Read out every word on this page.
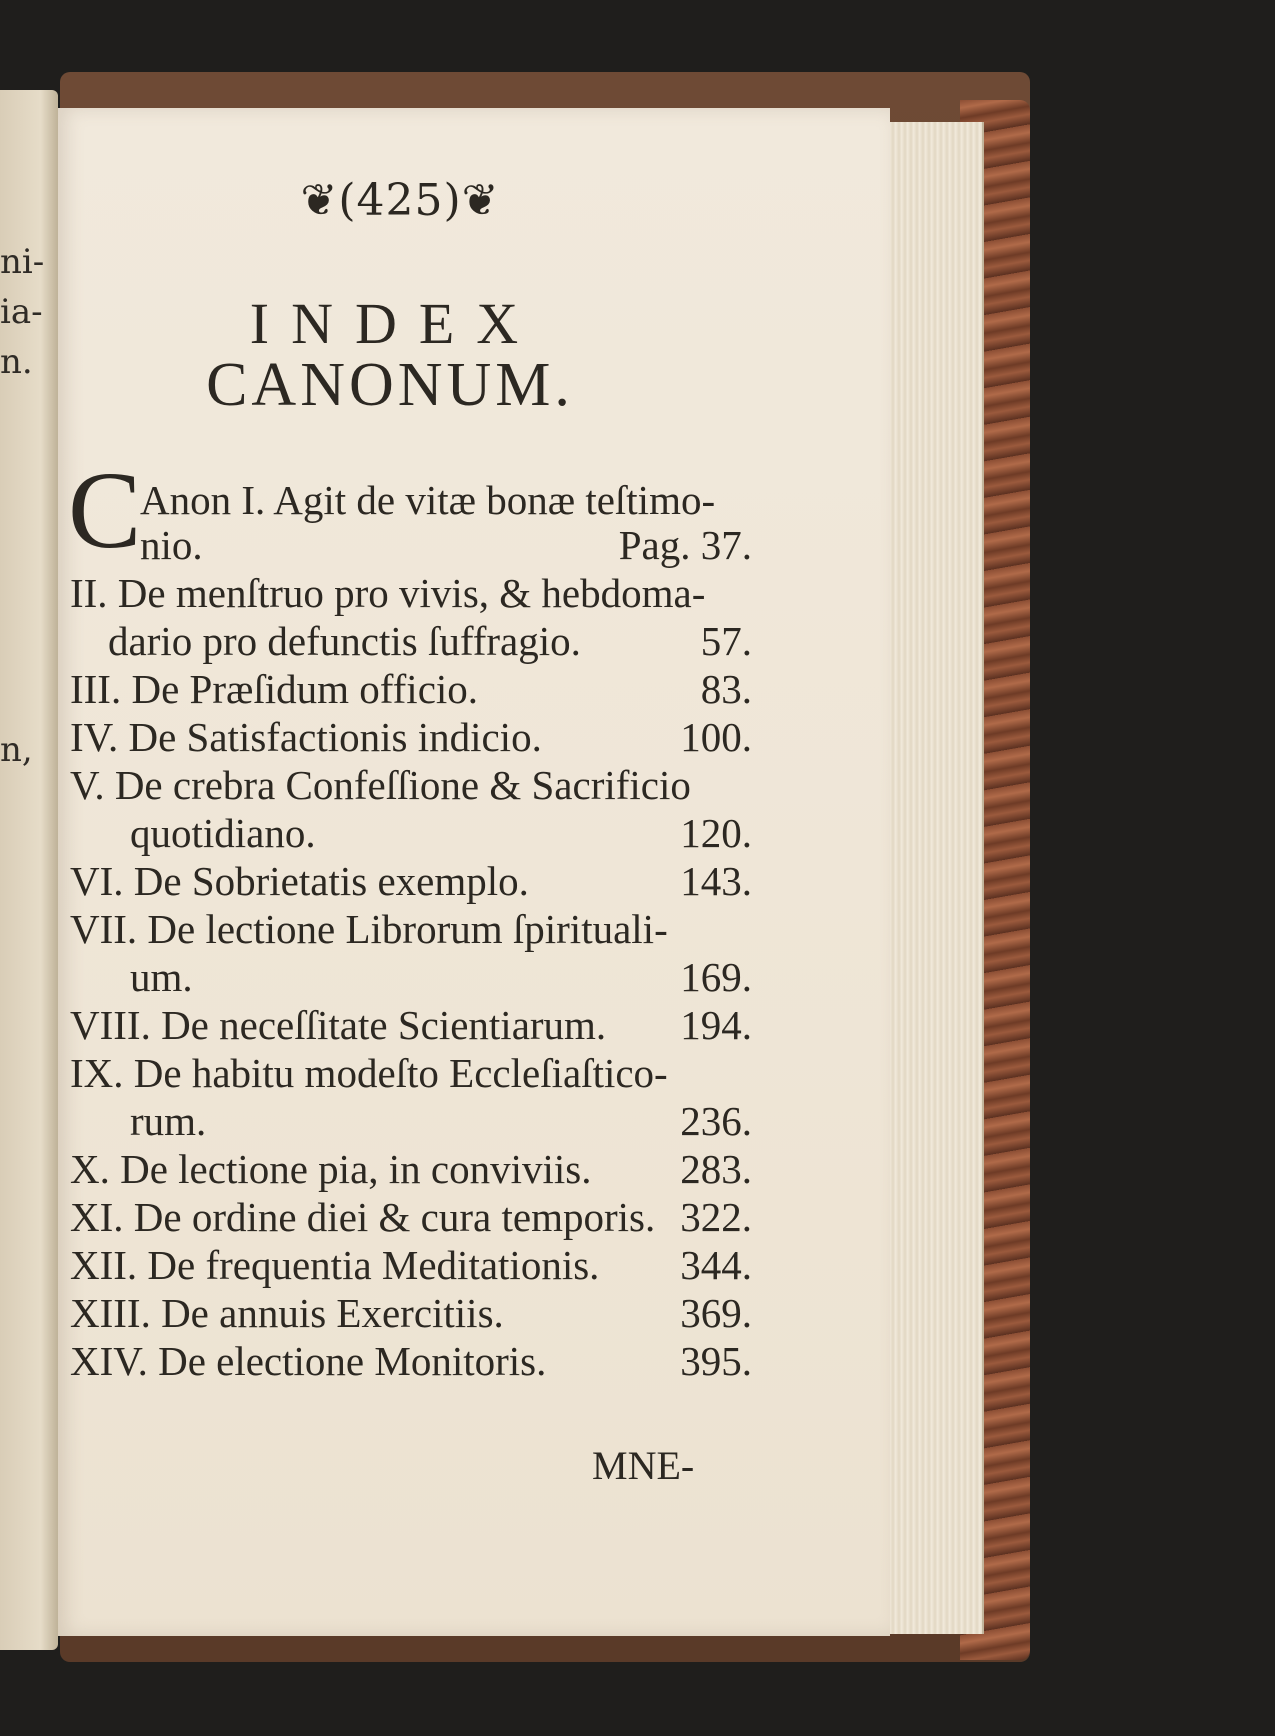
ni-
ia-
n.
n,
❦(425)❦
INDEX
CANONUM.
C
Anon I. Agit de vitæ bonæ teſtimo-
nio.	Pag. 37.
II. De menſtruo pro vivis, & hebdoma-
dario pro defunctis ſuffragio.	57.
III. De Præſidum officio.	83.
IV. De Satisfactionis indicio.	100.
V. De crebra Confeſſione & Sacrificio
quotidiano.	120.
VI. De Sobrietatis exemplo.	143.
VII. De lectione Librorum ſpirituali-
um.	169.
VIII. De neceſſitate Scientiarum. 194.
IX. De habitu modeſto Eccleſiaſtico-
rum.	236.
X. De lectione pia, in conviviis. 283.
XI. De ordine diei & cura temporis. 322.
XII. De frequentia Meditationis. 344.
XIII. De annuis Exercitiis.	369.
XIV. De electione Monitoris.	395.
MNE-
